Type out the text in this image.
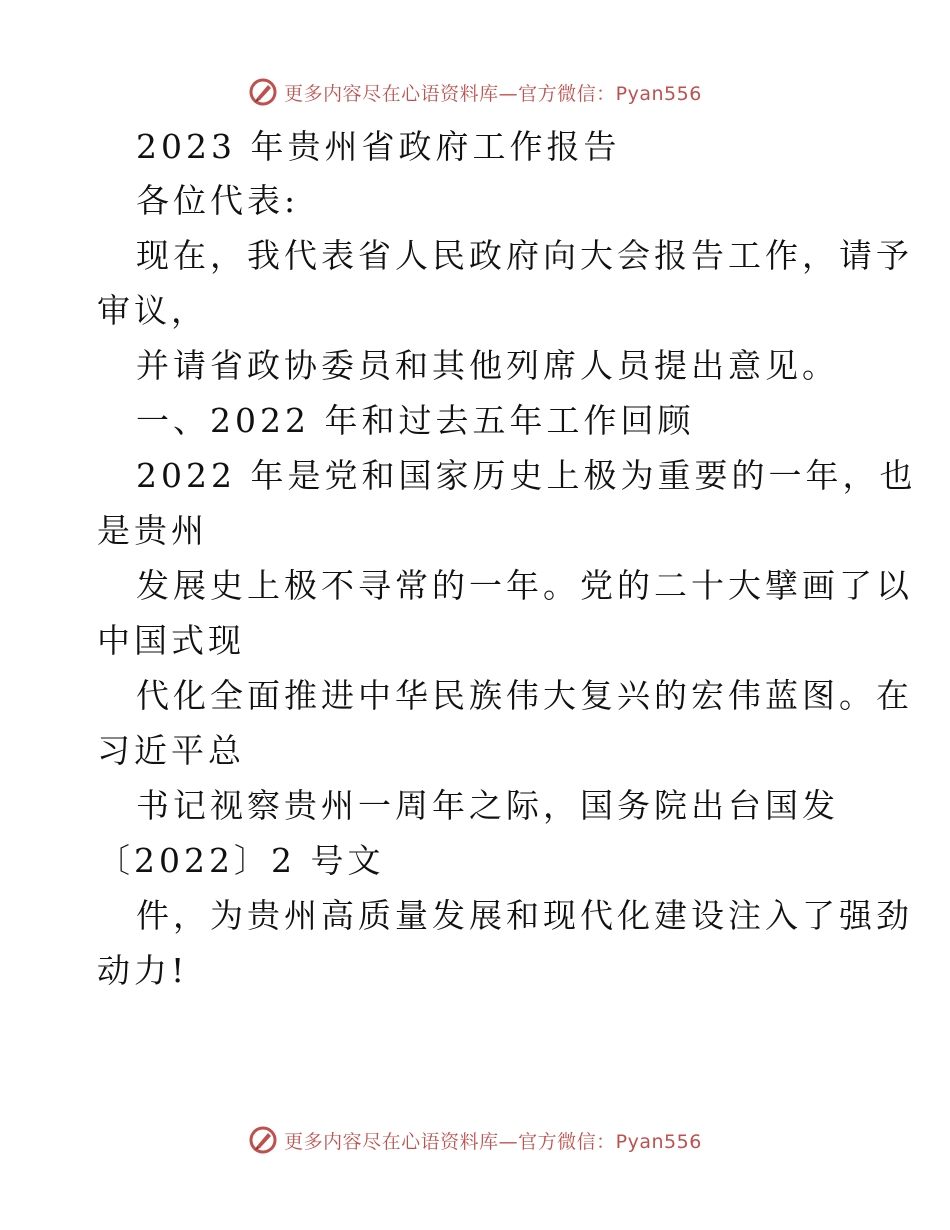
更多内容尽在心语资料库—官方微信：Pyan556
2023 年贵州省政府工作报告
各位代表:
现在，我代表省人民政府向大会报告工作，请予
审议，
并请省政协委员和其他列席人员提出意见。
一、2022 年和过去五年工作回顾
2022 年是党和国家历史上极为重要的一年，也
是贵州
发展史上极不寻常的一年。党的二十大擘画了以
中国式现
代化全面推进中华民族伟大复兴的宏伟蓝图。在
习近平总
书记视察贵州一周年之际，国务院出台国发
〔2022〕2 号文
件，为贵州高质量发展和现代化建设注入了强劲
动力!
更多内容尽在心语资料库—官方微信：Pyan556
